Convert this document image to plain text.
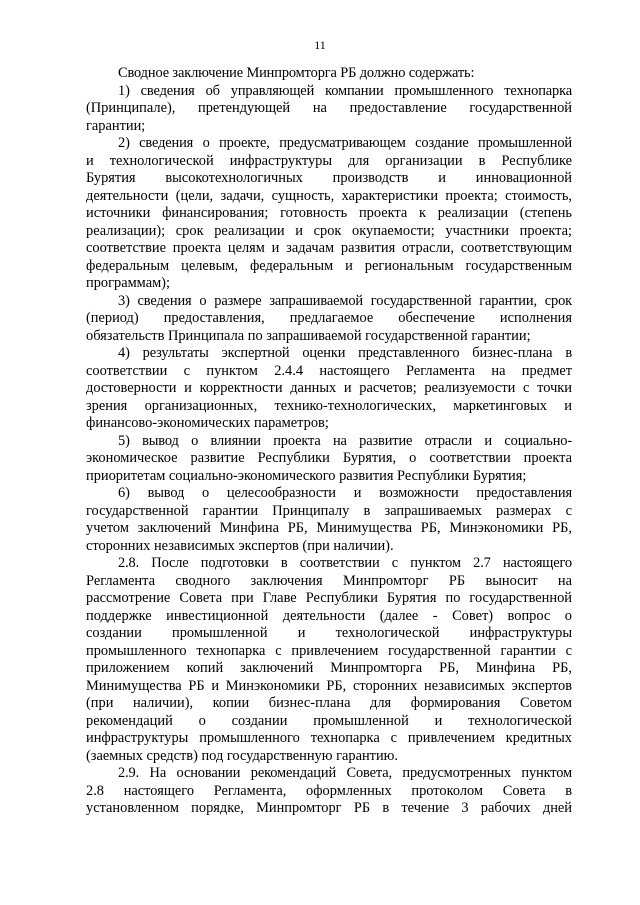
11
Сводное заключение Минпромторга РБ должно содержать:
1) сведения об управляющей компании промышленного технопарка
(Принципале), претендующей на предоставление государственной
гарантии;
2) сведения о проекте, предусматривающем создание промышленной
и технологической инфраструктуры для организации в Республике
Бурятия высокотехнологичных производств и инновационной
деятельности (цели, задачи, сущность, характеристики проекта; стоимость,
источники финансирования; готовность проекта к реализации (степень
реализации); срок реализации и срок окупаемости; участники проекта;
соответствие проекта целям и задачам развития отрасли, соответствующим
федеральным целевым, федеральным и региональным государственным
программам);
3) сведения о размере запрашиваемой государственной гарантии, срок
(период) предоставления, предлагаемое обеспечение исполнения
обязательств Принципала по запрашиваемой государственной гарантии;
4) результаты экспертной оценки представленного бизнес-плана в
соответствии с пунктом 2.4.4 настоящего Регламента на предмет
достоверности и корректности данных и расчетов; реализуемости с точки
зрения организационных, технико-технологических, маркетинговых и
финансово-экономических параметров;
5) вывод о влиянии проекта на развитие отрасли и социально-
экономическое развитие Республики Бурятия, о соответствии проекта
приоритетам социально-экономического развития Республики Бурятия;
6) вывод о целесообразности и возможности предоставления
государственной гарантии Принципалу в запрашиваемых размерах с
учетом заключений Минфина РБ, Минимущества РБ, Минэкономики РБ,
сторонних независимых экспертов (при наличии).
2.8. После подготовки в соответствии с пунктом 2.7 настоящего
Регламента сводного заключения Минпромторг РБ выносит на
рассмотрение Совета при Главе Республики Бурятия по государственной
поддержке инвестиционной деятельности (далее - Совет) вопрос о
создании промышленной и технологической инфраструктуры
промышленного технопарка с привлечением государственной гарантии с
приложением копий заключений Минпромторга РБ, Минфина РБ,
Минимущества РБ и Минэкономики РБ, сторонних независимых экспертов
(при наличии), копии бизнес-плана для формирования Советом
рекомендаций о создании промышленной и технологической
инфраструктуры промышленного технопарка с привлечением кредитных
(заемных средств) под государственную гарантию.
2.9. На основании рекомендаций Совета, предусмотренных пунктом
2.8 настоящего Регламента, оформленных протоколом Совета в
установленном порядке, Минпромторг РБ в течение 3 рабочих дней
